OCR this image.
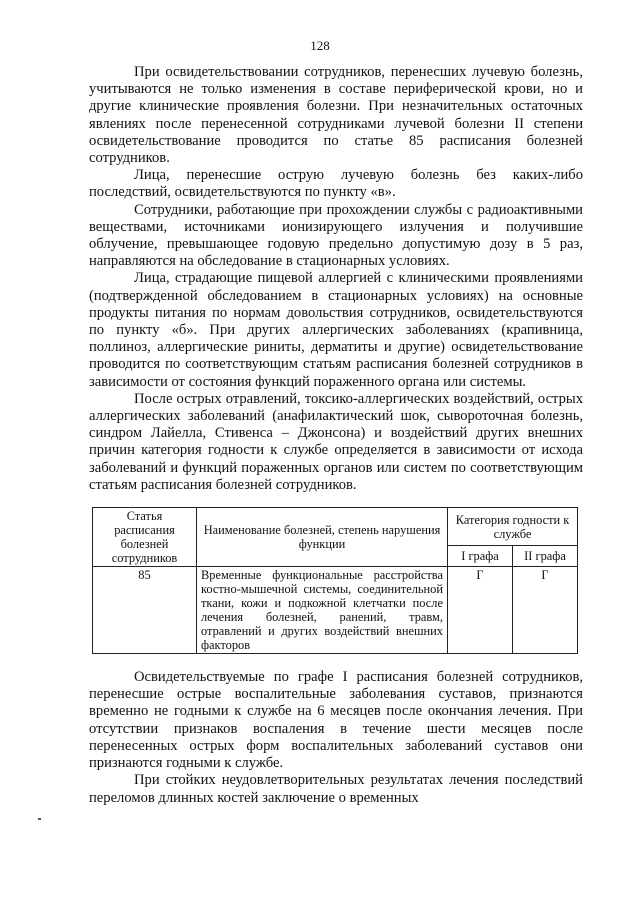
128

При освидетельствовании сотрудников, перенесших лучевую болезнь, учитываются не только изменения в составе периферической крови, но и другие клинические проявления болезни. При незначительных остаточных явлениях после перенесенной сотрудниками лучевой болезни II степени освидетельствование проводится по статье 85 расписания болезней сотрудников.

Лица, перенесшие острую лучевую болезнь без каких-либо последствий, освидетельствуются по пункту «в».

Сотрудники, работающие при прохождении службы с радиоактивными веществами, источниками ионизирующего излучения и получившие облучение, превышающее годовую предельно допустимую дозу в 5 раз, направляются на обследование в стационарных условиях.

Лица, страдающие пищевой аллергией с клиническими проявлениями (подтвержденной обследованием в стационарных условиях) на основные продукты питания по нормам довольствия сотрудников, освидетельствуются по пункту «б». При других аллергических заболеваниях (крапивница, поллиноз, аллергические риниты, дерматиты и другие) освидетельствование проводится по соответствующим статьям расписания болезней сотрудников в зависимости от состояния функций пораженного органа или системы.

После острых отравлений, токсико-аллергических воздействий, острых аллергических заболеваний (анафилактический шок, сывороточная болезнь, синдром Лайелла, Стивенса – Джонсона) и воздействий других внешних причин категория годности к службе определяется в зависимости от исхода заболеваний и функций пораженных органов или систем по соответствующим статьям расписания болезней сотрудников.

Статья расписания болезней сотрудников	Наименование болезней, степень нарушения функции	Категория годности к службе	
		I графа	II графа
85	Временные функциональные расстройства костно-мышечной системы, соединительной ткани, кожи и подкожной клетчатки после лечения болезней, ранений, травм, отравлений и других воздействий внешних факторов	Г	Г

Освидетельствуемые по графе I расписания болезней сотрудников, перенесшие острые воспалительные заболевания суставов, признаются временно не годными к службе на 6 месяцев после окончания лечения. При отсутствии признаков воспаления в течение шести месяцев после перенесенных острых форм воспалительных заболеваний суставов они признаются годными к службе.

При стойких неудовлетворительных результатах лечения последствий переломов длинных костей заключение о временных
